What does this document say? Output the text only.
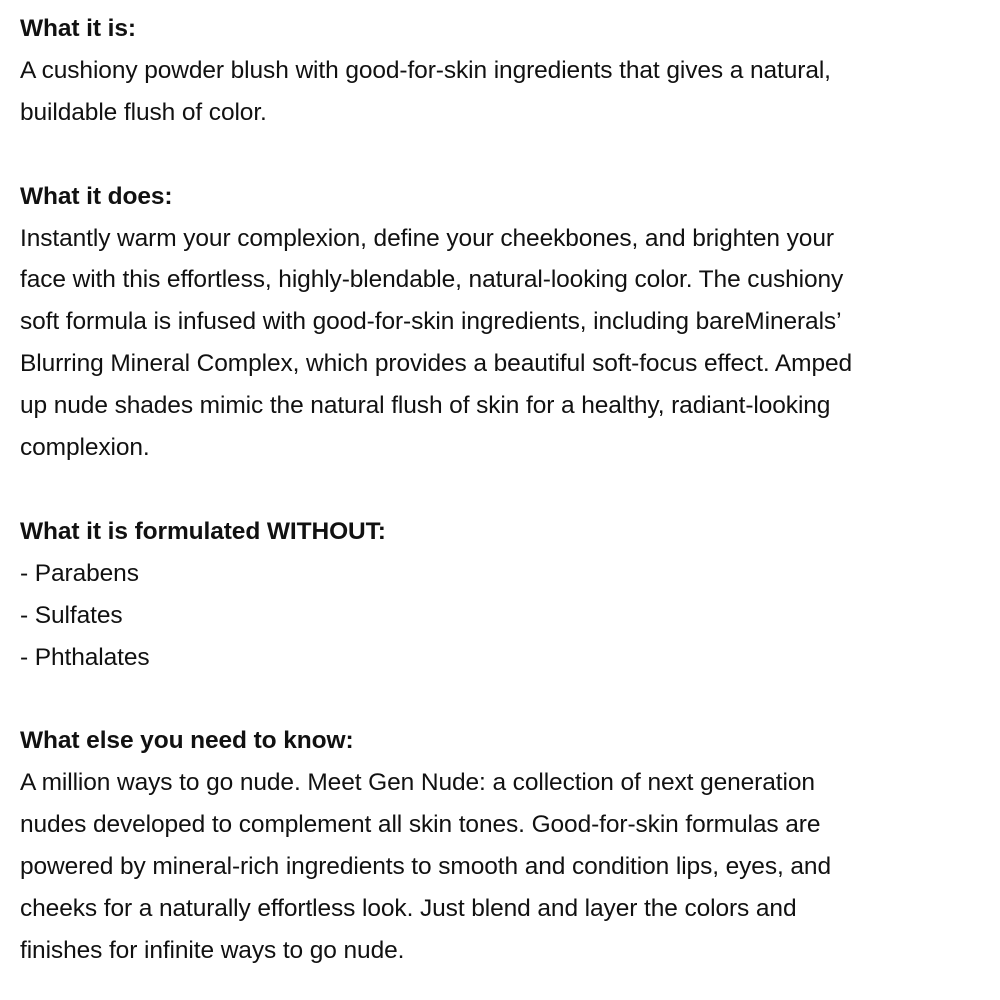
What it is:
A cushiony powder blush with good-for-skin ingredients that gives a natural,
buildable flush of color.
What it does:
Instantly warm your complexion, define your cheekbones, and brighten your
face with this effortless, highly-blendable, natural-looking color. The cushiony
soft formula is infused with good-for-skin ingredients, including bareMinerals’
Blurring Mineral Complex, which provides a beautiful soft-focus effect. Amped
up nude shades mimic the natural flush of skin for a healthy, radiant-looking
complexion.
What it is formulated WITHOUT:
- Parabens
- Sulfates
- Phthalates
What else you need to know:
A million ways to go nude. Meet Gen Nude: a collection of next generation
nudes developed to complement all skin tones. Good-for-skin formulas are
powered by mineral-rich ingredients to smooth and condition lips, eyes, and
cheeks for a naturally effortless look. Just blend and layer the colors and
finishes for infinite ways to go nude.
